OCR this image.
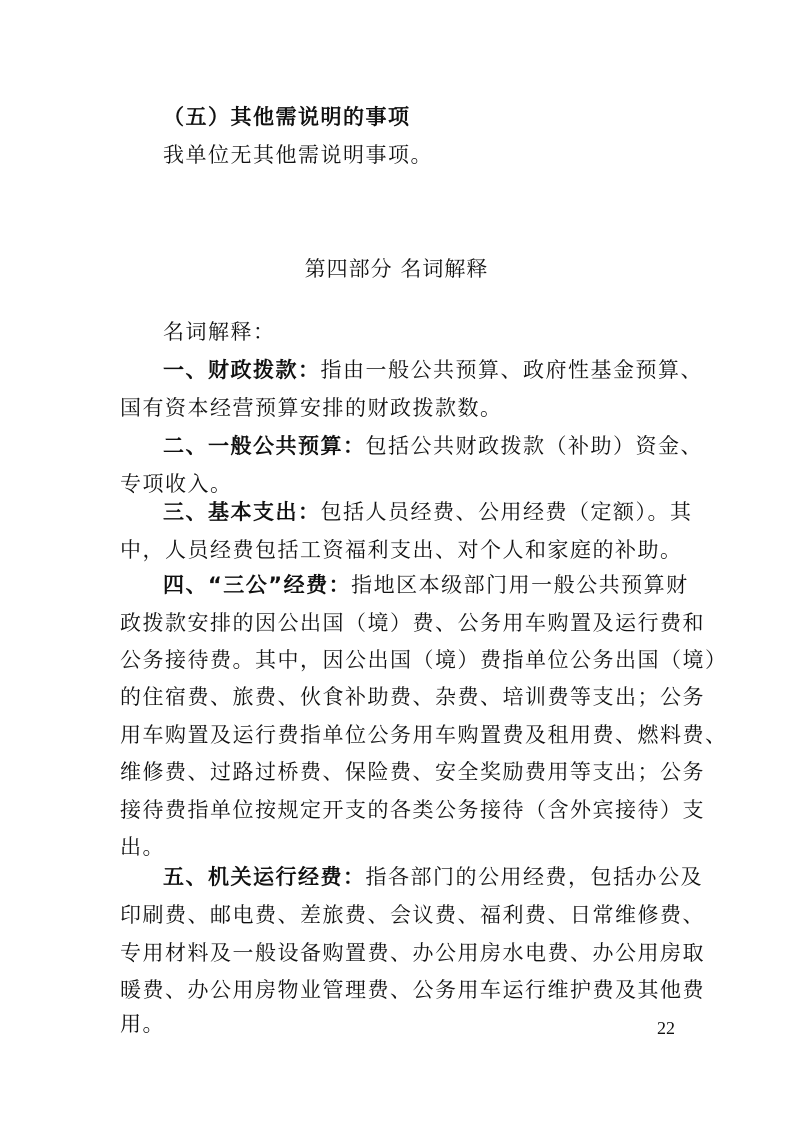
（五）其他需说明的事项
我单位无其他需说明事项。
第四部分 名词解释
名词解释：
一、财政拨款：指由一般公共预算、政府性基金预算、
国有资本经营预算安排的财政拨款数。
二、一般公共预算：包括公共财政拨款（补助）资金、
专项收入。
三、基本支出：包括人员经费、公用经费（定额）。其
中，人员经费包括工资福利支出、对个人和家庭的补助。
四、“三公”经费：指地区本级部门用一般公共预算财
政拨款安排的因公出国（境）费、公务用车购置及运行费和
公务接待费。其中，因公出国（境）费指单位公务出国（境）
的住宿费、旅费、伙食补助费、杂费、培训费等支出；公务
用车购置及运行费指单位公务用车购置费及租用费、燃料费、
维修费、过路过桥费、保险费、安全奖励费用等支出；公务
接待费指单位按规定开支的各类公务接待（含外宾接待）支
出。
五、机关运行经费：指各部门的公用经费，包括办公及
印刷费、邮电费、差旅费、会议费、福利费、日常维修费、
专用材料及一般设备购置费、办公用房水电费、办公用房取
暖费、办公用房物业管理费、公务用车运行维护费及其他费
用。	22
